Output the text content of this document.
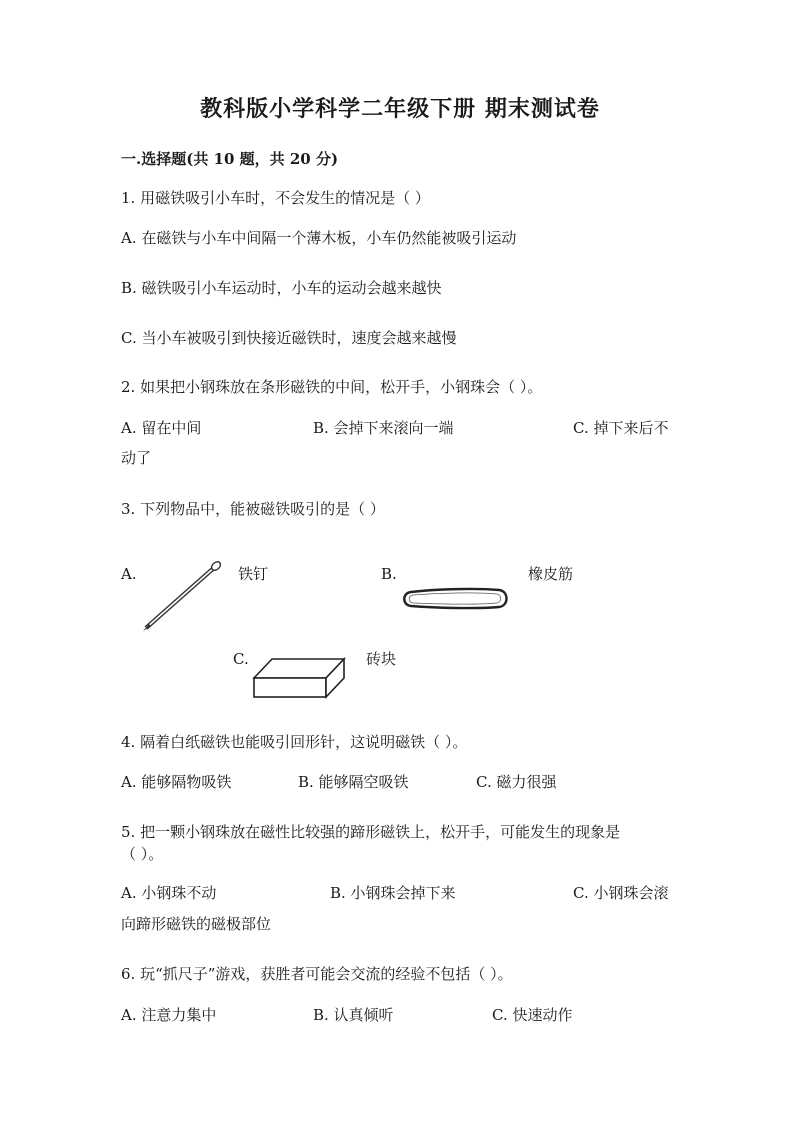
教科版小学科学二年级下册 期末测试卷
一.选择题(共 10 题，共 20 分)
1. 用磁铁吸引小车时，不会发生的情况是（ ）
A. 在磁铁与小车中间隔一个薄木板，小车仍然能被吸引运动
B. 磁铁吸引小车运动时，小车的运动会越来越快
C. 当小车被吸引到快接近磁铁时，速度会越来越慢
2. 如果把小钢珠放在条形磁铁的中间，松开手，小钢珠会（ ）。
A. 留在中间	B. 会掉下来滚向一端	C. 掉下来后不
动了
3. 下列物品中，能被磁铁吸引的是（ ）
A.	铁钉	B.	橡皮筋
C.	砖块
4. 隔着白纸磁铁也能吸引回形针，这说明磁铁（ ）。
A. 能够隔物吸铁	B. 能够隔空吸铁	C. 磁力很强
5. 把一颗小钢珠放在磁性比较强的蹄形磁铁上，松开手，可能发生的现象是
（ ）。
A. 小钢珠不动	B. 小钢珠会掉下来	C. 小钢珠会滚
向蹄形磁铁的磁极部位
6. 玩“抓尺子”游戏，获胜者可能会交流的经验不包括（ ）。
A. 注意力集中	B. 认真倾听	C. 快速动作
